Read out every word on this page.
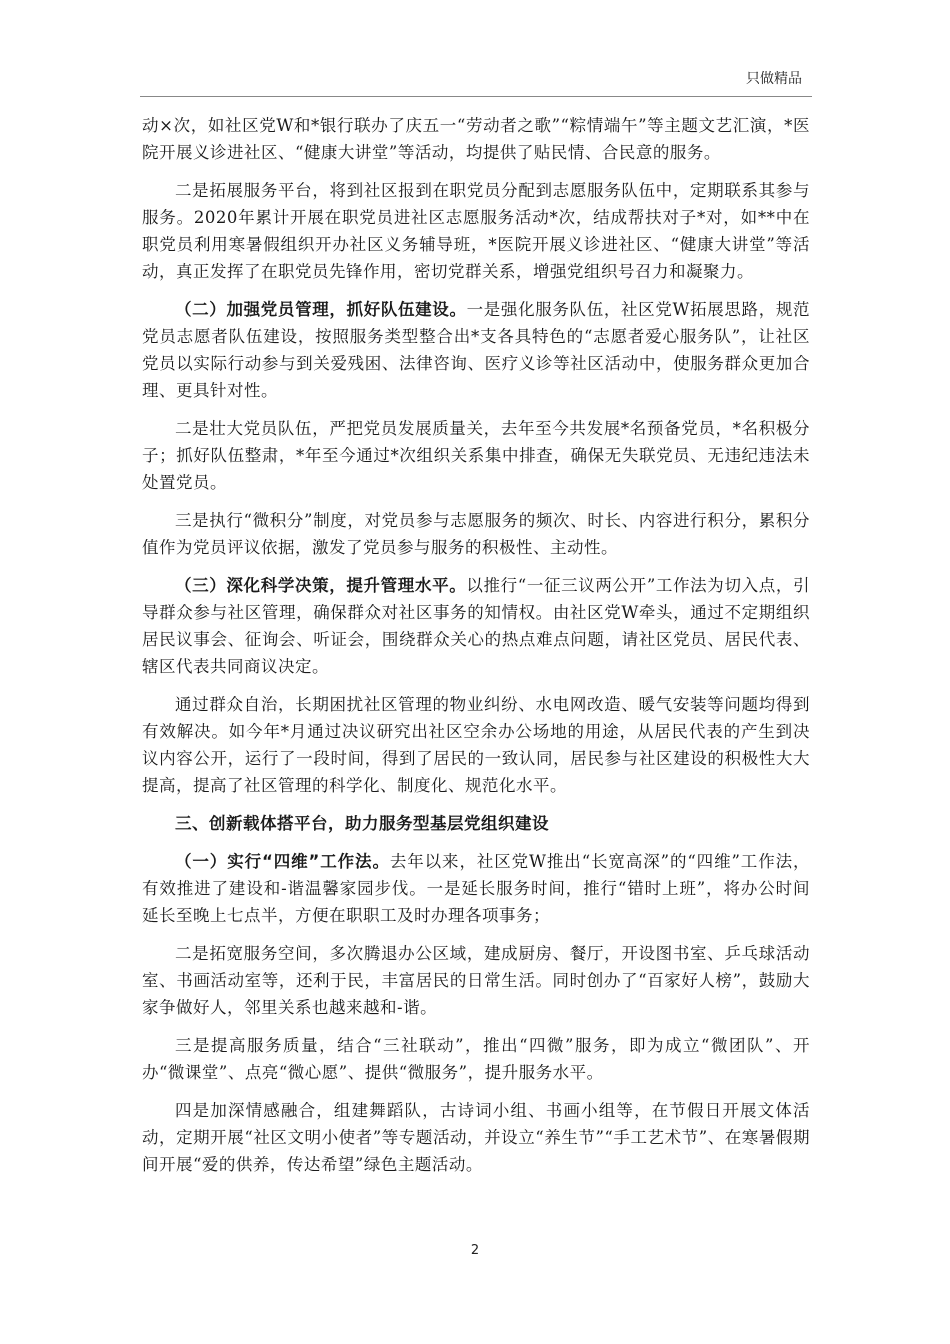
只做精品

动×次，如社区党W和*银行联办了庆五一“劳动者之歌”“粽情端午”等主题文艺汇演，*医院开展义诊进社区、“健康大讲堂”等活动，均提供了贴民情、合民意的服务。

二是拓展服务平台，将到社区报到在职党员分配到志愿服务队伍中，定期联系其参与服务。2020年累计开展在职党员进社区志愿服务活动*次，结成帮扶对子*对，如**中在职党员利用寒暑假组织开办社区义务辅导班，*医院开展义诊进社区、“健康大讲堂”等活动，真正发挥了在职党员先锋作用，密切党群关系，增强党组织号召力和凝聚力。

（二）加强党员管理，抓好队伍建设。一是强化服务队伍，社区党W拓展思路，规范党员志愿者队伍建设，按照服务类型整合出*支各具特色的“志愿者爱心服务队”，让社区党员以实际行动参与到关爱残困、法律咨询、医疗义诊等社区活动中，使服务群众更加合理、更具针对性。

二是壮大党员队伍，严把党员发展质量关，去年至今共发展*名预备党员，*名积极分子；抓好队伍整肃，*年至今通过*次组织关系集中排查，确保无失联党员、无违纪违法未处置党员。

三是执行“微积分”制度，对党员参与志愿服务的频次、时长、内容进行积分，累积分值作为党员评议依据，激发了党员参与服务的积极性、主动性。

（三）深化科学决策，提升管理水平。以推行“一征三议两公开”工作法为切入点，引导群众参与社区管理，确保群众对社区事务的知情权。由社区党W牵头，通过不定期组织居民议事会、征询会、听证会，围绕群众关心的热点难点问题，请社区党员、居民代表、辖区代表共同商议决定。

通过群众自治，长期困扰社区管理的物业纠纷、水电网改造、暖气安装等问题均得到有效解决。如今年*月通过决议研究出社区空余办公场地的用途，从居民代表的产生到决议内容公开，运行了一段时间，得到了居民的一致认同，居民参与社区建设的积极性大大提高，提高了社区管理的科学化、制度化、规范化水平。

三、创新载体搭平台，助力服务型基层党组织建设

（一）实行“四维”工作法。去年以来，社区党W推出“长宽高深”的“四维”工作法，有效推进了建设和-谐温馨家园步伐。一是延长服务时间，推行“错时上班”，将办公时间延长至晚上七点半，方便在职职工及时办理各项事务；

二是拓宽服务空间，多次腾退办公区域，建成厨房、餐厅，开设图书室、乒乓球活动室、书画活动室等，还利于民，丰富居民的日常生活。同时创办了“百家好人榜”，鼓励大家争做好人，邻里关系也越来越和-谐。

三是提高服务质量，结合“三社联动”，推出“四微”服务，即为成立“微团队”、开办“微课堂”、点亮“微心愿”、提供“微服务”，提升服务水平。

四是加深情感融合，组建舞蹈队，古诗词小组、书画小组等，在节假日开展文体活动，定期开展“社区文明小使者”等专题活动，并设立“养生节”“手工艺术节”、在寒暑假期间开展“爱的供养，传达希望”绿色主题活动。

2
